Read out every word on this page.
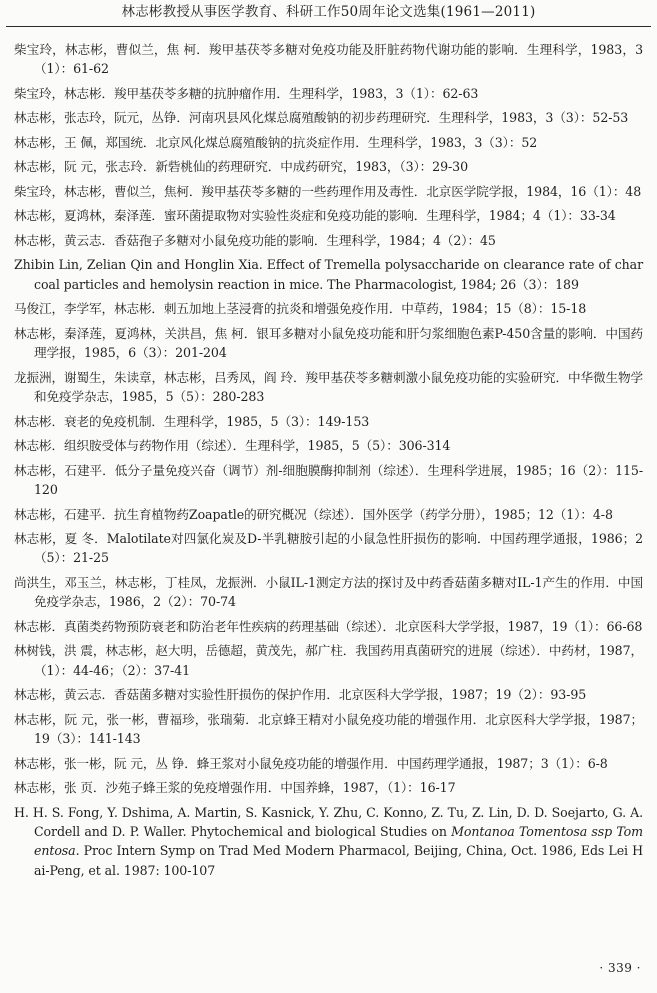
林志彬教授从事医学教育、科研工作50周年论文选集(1961—2011)
柴宝玲，林志彬，曹似兰，焦 柯．羧甲基茯苓多糖对免疫功能及肝脏药物代谢功能的影响．生理科学，1983，3（1）：61-62
柴宝玲，林志彬．羧甲基茯苓多糖的抗肿瘤作用．生理科学，1983，3（1）：62-63
林志彬，张志玲，阮元，丛铮．河南巩县风化煤总腐殖酸钠的初步药理研究．生理科学，1983，3（3）：52-53
林志彬，王 佩，郑国统．北京风化煤总腐殖酸钠的抗炎症作用．生理科学，1983，3（3）：52
林志彬，阮 元，张志玲．新砦桃仙的药理研究．中成药研究，1983，（3）：29-30
柴宝玲，林志彬，曹似兰，焦柯．羧甲基茯苓多糖的一些药理作用及毒性．北京医学院学报，1984，16（1）：48
林志彬，夏鸿林，秦泽莲．蜜环菌提取物对实验性炎症和免疫功能的影响．生理科学，1984；4（1）：33-34
林志彬，黄云志．香菇孢子多糖对小鼠免疫功能的影响．生理科学，1984；4（2）：45
Zhibin Lin, Zelian Qin and Honglin Xia. Effect of Tremella polysaccharide on clearance rate of charcoal particles and hemolysin reaction in mice. The Pharmacologist, 1984; 26（3）：189
马俊江，李学军，林志彬．刺五加地上茎浸膏的抗炎和增强免疫作用．中草药，1984；15（8）：15-18
林志彬，秦泽莲，夏鸿林，关洪昌，焦 柯．银耳多糖对小鼠免疫功能和肝匀浆细胞色素P-450含量的影响．中国药理学报，1985，6（3）：201-204
龙振洲，谢蜀生，朱读章，林志彬，吕秀凤，阎 玲．羧甲基茯苓多糖刺激小鼠免疫功能的实验研究．中华微生物学和免疫学杂志，1985，5（5）：280-283
林志彬．衰老的免疫机制．生理科学，1985，5（3）：149-153
林志彬．组织胺受体与药物作用（综述）．生理科学，1985，5（5）：306-314
林志彬，石建平．低分子量免疫兴奋（调节）剂-细胞膜酶抑制剂（综述）．生理科学进展，1985；16（2）：115-120
林志彬，石建平．抗生育植物药Zoapatle的研究概况（综述）．国外医学（药学分册），1985；12（1）：4-8
林志彬，夏 冬．Malotilate对四氯化炭及D-半乳糖胺引起的小鼠急性肝损伤的影响．中国药理学通报，1986；2（5）：21-25
尚洪生，邓玉兰，林志彬，丁桂凤，龙振洲．小鼠IL-1测定方法的探讨及中药香菇菌多糖对IL-1产生的作用．中国免疫学杂志，1986，2（2）：70-74
林志彬．真菌类药物预防衰老和防治老年性疾病的药理基础（综述）．北京医科大学学报，1987，19（1）：66-68
林树钱，洪 震，林志彬，赵大明，岳德超，黄茂先，郝广柱．我国药用真菌研究的进展（综述）．中药材，1987，（1）：44-46；（2）：37-41
林志彬，黄云志．香菇菌多糖对实验性肝损伤的保护作用．北京医科大学学报，1987；19（2）：93-95
林志彬，阮 元，张一彬，曹福珍，张瑞菊．北京蜂王精对小鼠免疫功能的增强作用．北京医科大学学报，1987；19（3）：141-143
林志彬，张一彬，阮 元，丛 铮．蜂王浆对小鼠免疫功能的增强作用．中国药理学通报，1987；3（1）：6-8
林志彬，张 页．沙苑子蜂王浆的免疫增强作用．中国养蜂，1987，（1）：16-17
H. H. S. Fong, Y. Dshima, A. Martin, S. Kasnick, Y. Zhu, C. Konno, Z. Tu, Z. Lin, D. D. Soejarto, G. A. Cordell and D. P. Waller. Phytochemical and biological Studies on Montanoa Tomentosa ssp Tomentosa. Proc Intern Symp on Trad Med Modern Pharmacol, Beijing, China, Oct. 1986, Eds Lei Hai-Peng, et al. 1987: 100-107
· 339 ·
